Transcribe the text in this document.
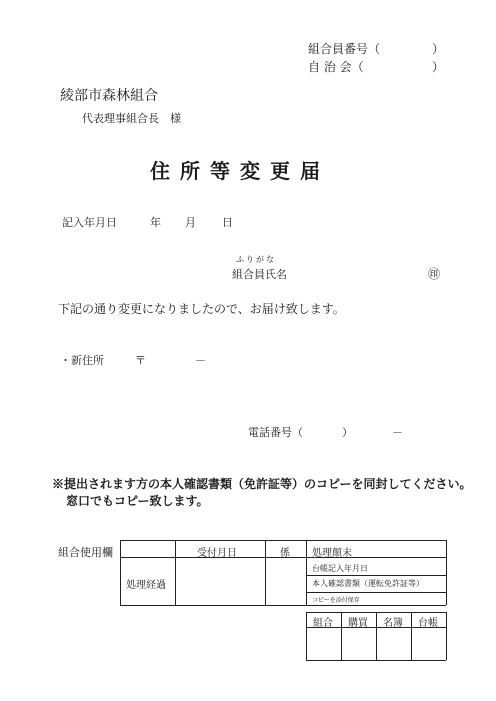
組合員番号（	）
自 治 会（	）
綾部市森林組合
代表理事組合長　様
住所等変更届
記入年月日	年 月 日
ふりがな
組合員氏名	㊞
下記の通り変更になりましたので、お届け致します。
・新住所	〒	－
電話番号（	）	－
※提出されます方の本人確認書類（免許証等）のコピーを同封してください。
窓口でもコピー致します。
組合使用欄	受付月日	係 処理顛末
処理経過
台帳記入年月日
本人確認書類（運転免許証等）
コピーを添付保存
組合 購買 名簿 台帳
